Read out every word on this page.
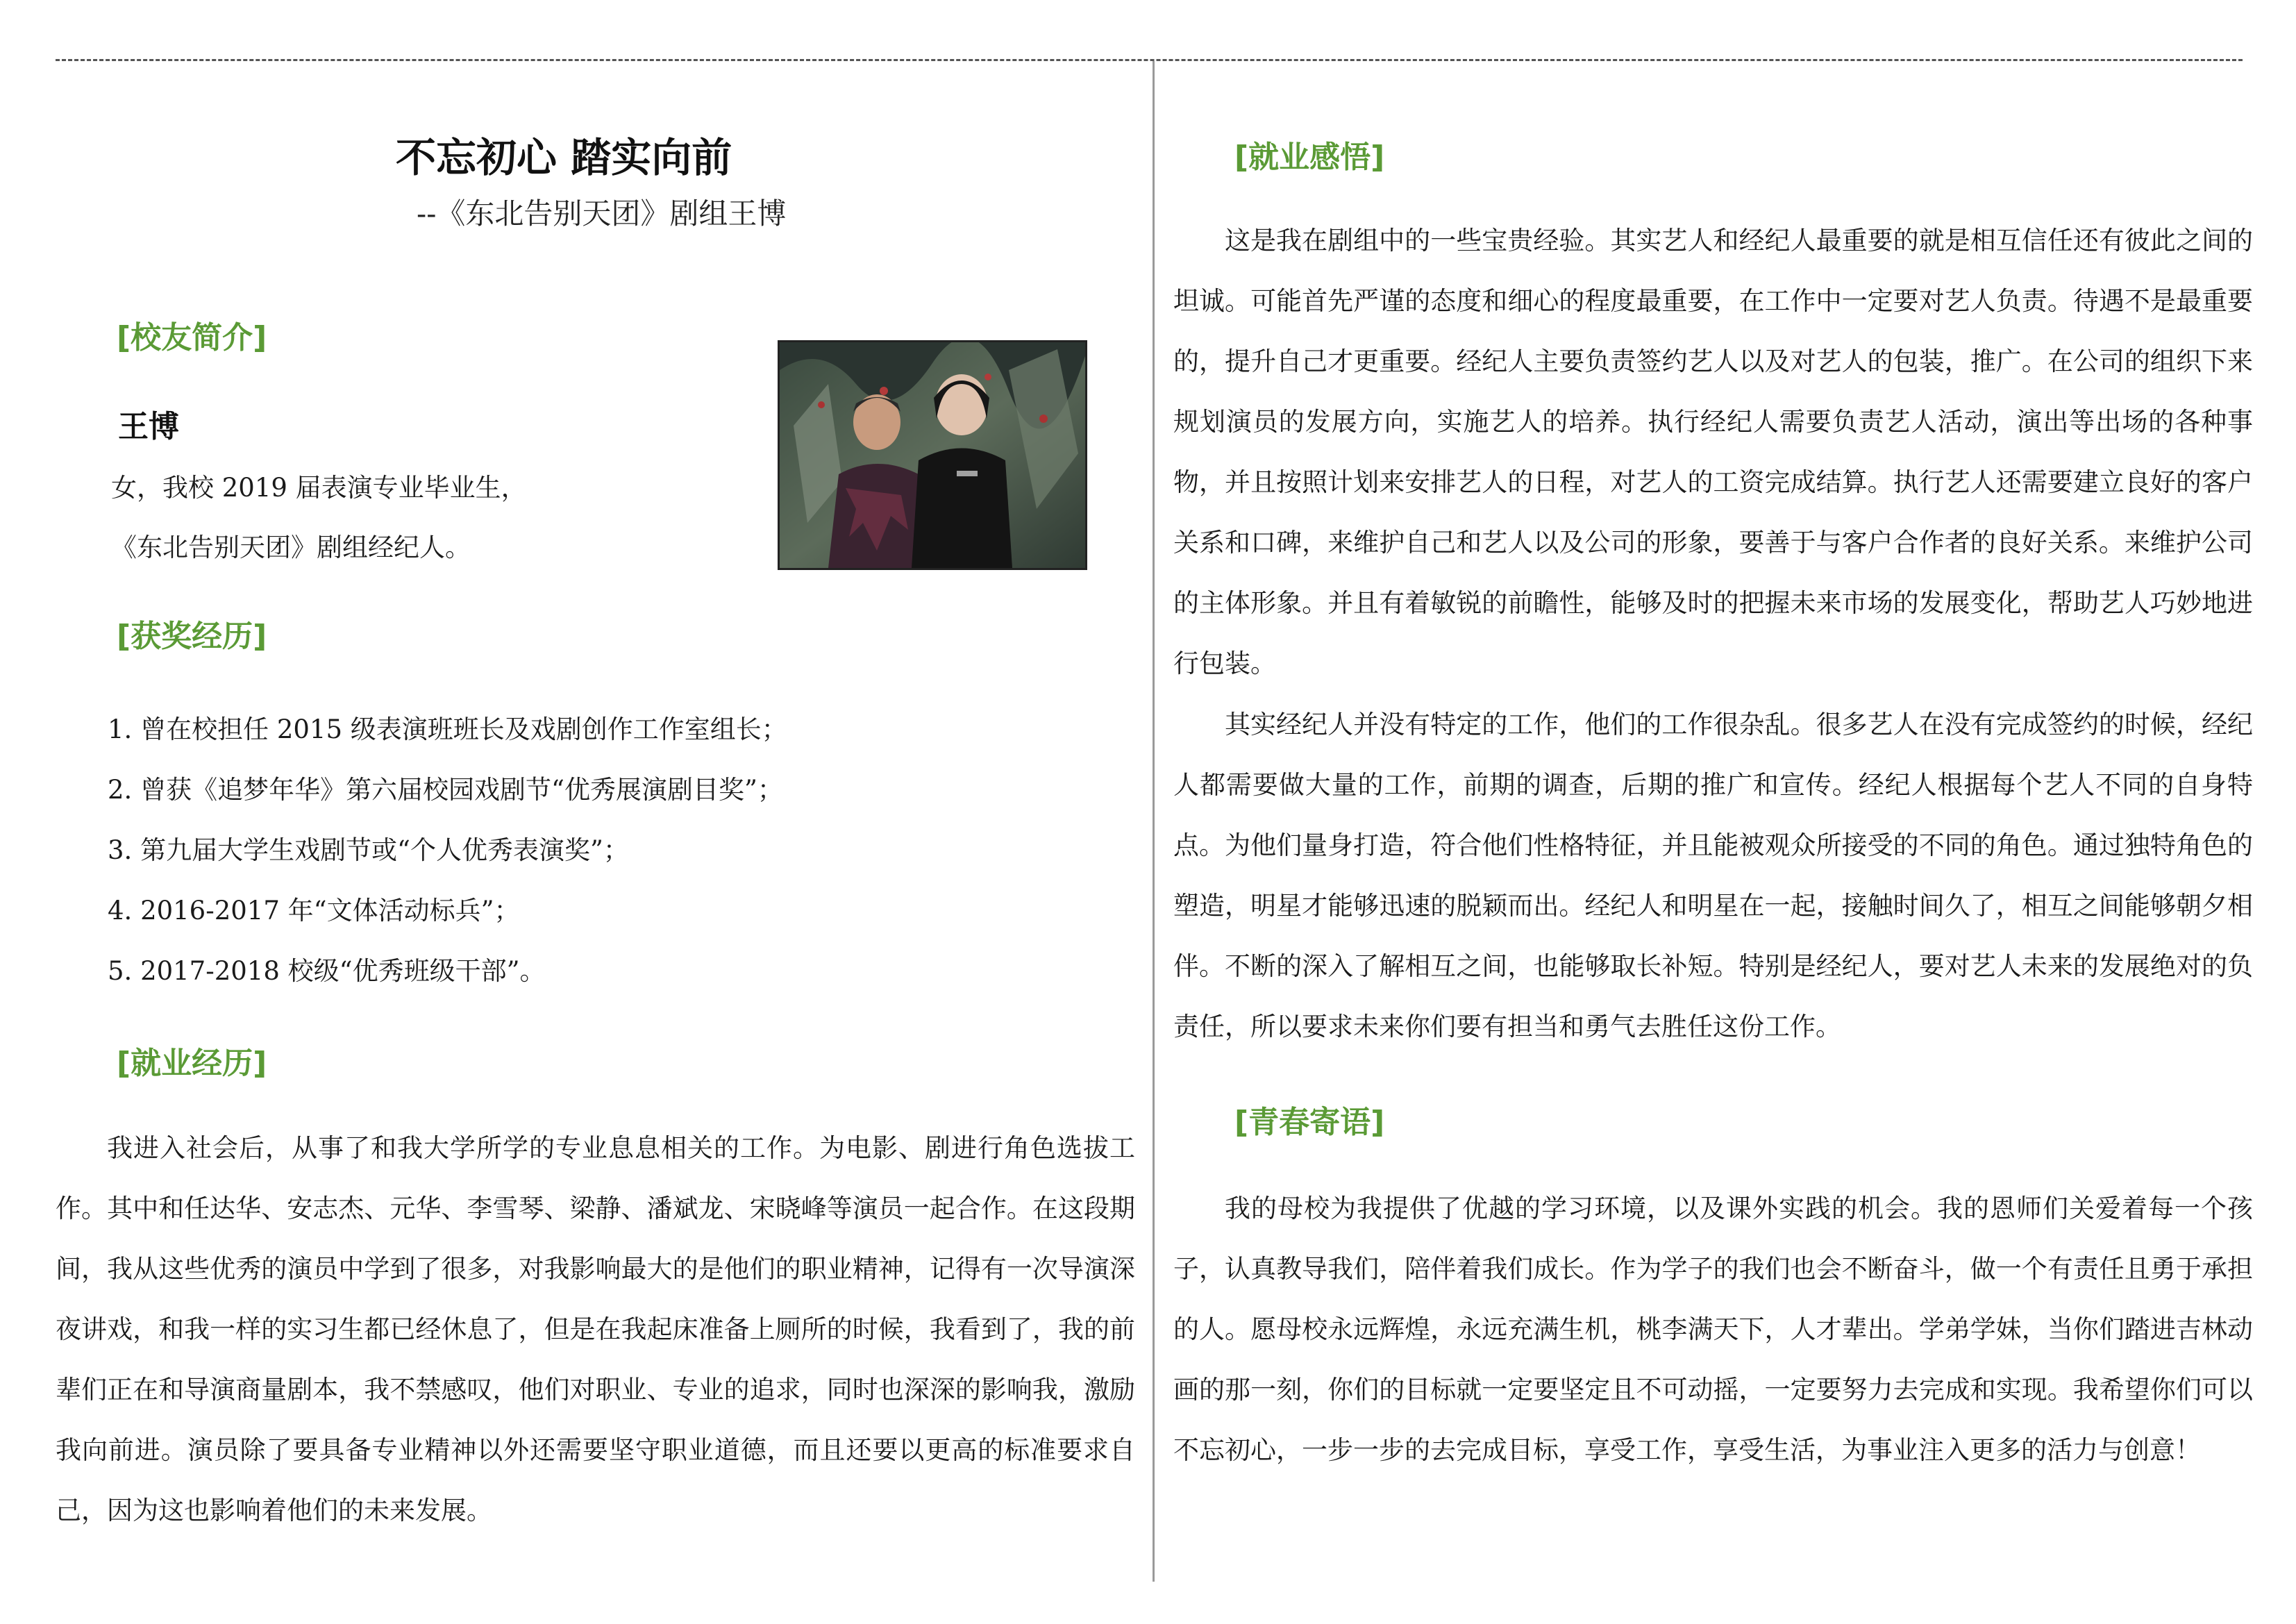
不忘初心 踏实向前
--《东北告别天团》剧组王博
[校友简介]
王博
女，我校 2019 届表演专业毕业生，
《东北告别天团》剧组经纪人。
[获奖经历]
1. 曾在校担任 2015 级表演班班长及戏剧创作工作室组长；
2. 曾获《追梦年华》第六届校园戏剧节“优秀展演剧目奖”；
3. 第九届大学生戏剧节或“个人优秀表演奖”；
4. 2016-2017 年“文体活动标兵”；
5. 2017-2018 校级“优秀班级干部”。
[就业经历]

我进入社会后，从事了和我大学所学的专业息息相关的工作。为电影、剧进行角色选拔工作。其中和任达华、安志杰、元华、李雪琴、梁静、潘斌龙、宋晓峰等演员一起合作。在这段期间，我从这些优秀的演员中学到了很多，对我影响最大的是他们的职业精神，记得有一次导演深夜讲戏，和我一样的实习生都已经休息了，但是在我起床准备上厕所的时候，我看到了，我的前辈们正在和导演商量剧本，我不禁感叹，他们对职业、专业的追求，同时也深深的影响我，激励我向前进。演员除了要具备专业精神以外还需要坚守职业道德，而且还要以更高的标准要求自己，因为这也影响着他们的未来发展。

[就业感悟]

这是我在剧组中的一些宝贵经验。其实艺人和经纪人最重要的就是相互信任还有彼此之间的坦诚。可能首先严谨的态度和细心的程度最重要，在工作中一定要对艺人负责。待遇不是最重要的，提升自己才更重要。经纪人主要负责签约艺人以及对艺人的包装，推广。在公司的组织下来规划演员的发展方向，实施艺人的培养。执行经纪人需要负责艺人活动，演出等出场的各种事物，并且按照计划来安排艺人的日程，对艺人的工资完成结算。执行艺人还需要建立良好的客户关系和口碑，来维护自己和艺人以及公司的形象，要善于与客户合作者的良好关系。来维护公司的主体形象。并且有着敏锐的前瞻性，能够及时的把握未来市场的发展变化，帮助艺人巧妙地进行包装。

其实经纪人并没有特定的工作，他们的工作很杂乱。很多艺人在没有完成签约的时候，经纪人都需要做大量的工作，前期的调查，后期的推广和宣传。经纪人根据每个艺人不同的自身特点。为他们量身打造，符合他们性格特征，并且能被观众所接受的不同的角色。通过独特角色的塑造，明星才能够迅速的脱颖而出。经纪人和明星在一起，接触时间久了，相互之间能够朝夕相伴。不断的深入了解相互之间，也能够取长补短。特别是经纪人，要对艺人未来的发展绝对的负责任，所以要求未来你们要有担当和勇气去胜任这份工作。

[青春寄语]

我的母校为我提供了优越的学习环境，以及课外实践的机会。我的恩师们关爱着每一个孩子，认真教导我们，陪伴着我们成长。作为学子的我们也会不断奋斗，做一个有责任且勇于承担的人。愿母校永远辉煌，永远充满生机，桃李满天下，人才辈出。学弟学妹，当你们踏进吉林动画的那一刻，你们的目标就一定要坚定且不可动摇，一定要努力去完成和实现。我希望你们可以不忘初心，一步一步的去完成目标，享受工作，享受生活，为事业注入更多的活力与创意！
